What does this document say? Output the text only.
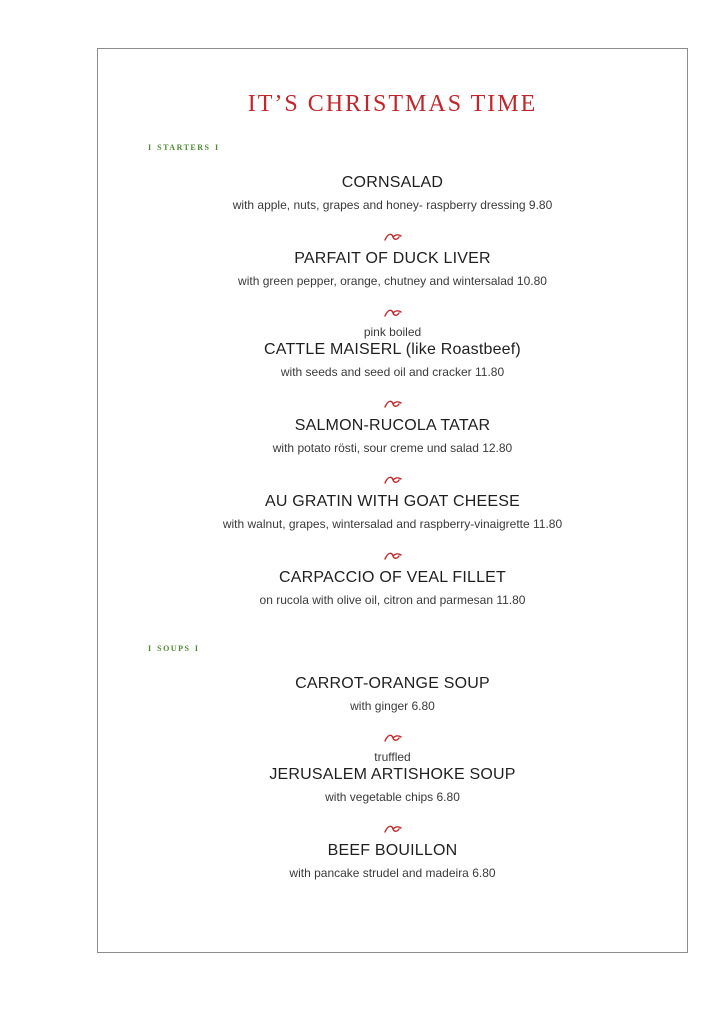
IT’S CHRISTMAS TIME
i starters i
CORNSALAD
with apple, nuts, grapes and honey- raspberry dressing 9.80
PARFAIT OF DUCK LIVER
with green pepper, orange, chutney and wintersalad 10.80
pink boiled
CATTLE MAISERL (like Roastbeef)
with seeds and seed oil and cracker 11.80
SALMON-RUCOLA TATAR
with potato rösti, sour creme und salad 12.80
AU GRATIN WITH GOAT CHEESE
with walnut, grapes, wintersalad and raspberry-vinaigrette 11.80
CARPACCIO OF VEAL FILLET
on rucola with olive oil, citron and parmesan 11.80
i soups i
CARROT-ORANGE SOUP
with ginger 6.80
truffled
JERUSALEM ARTISHOKE SOUP
with vegetable chips 6.80
BEEF BOUILLON
with pancake strudel and madeira 6.80
